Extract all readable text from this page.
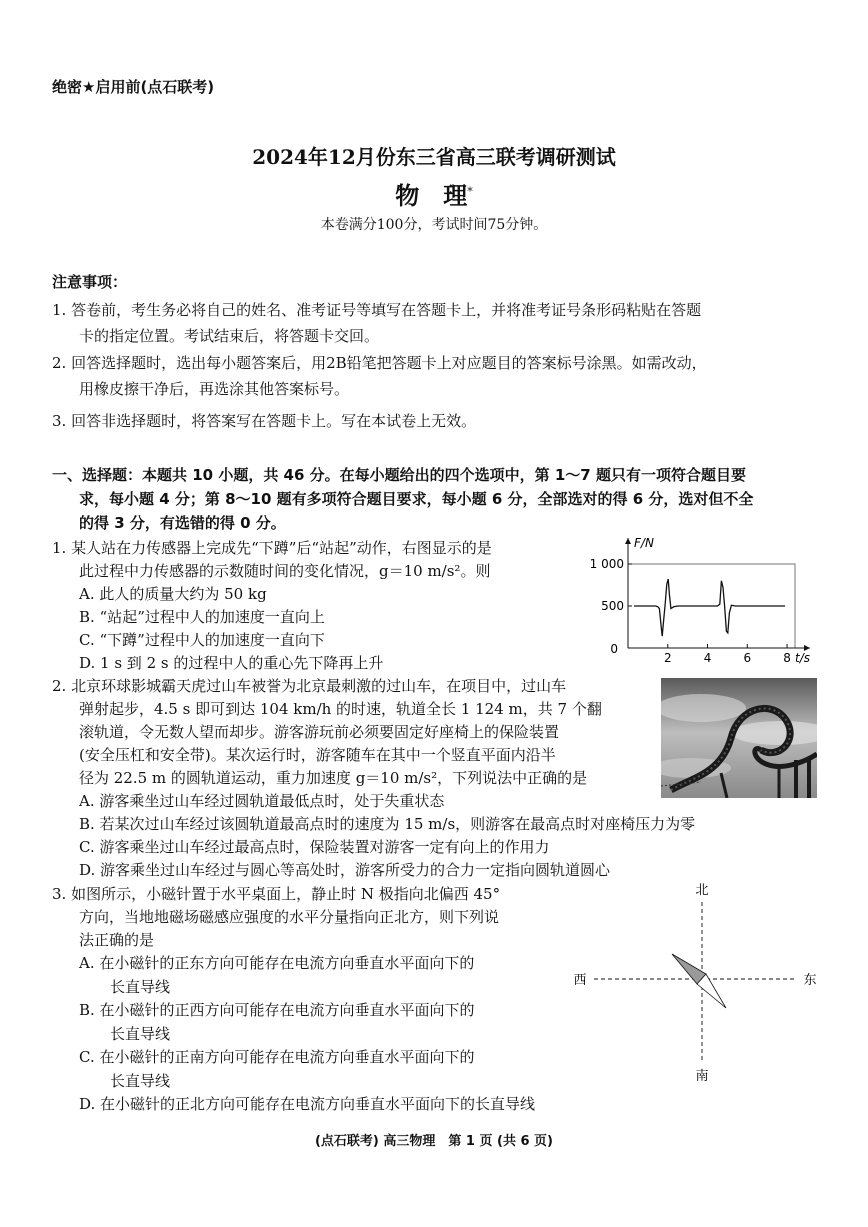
绝密★启用前(点石联考)
2024年12月份东三省高三联考调研测试
物　理*
本卷满分100分，考试时间75分钟。
注意事项：
1. 答卷前，考生务必将自己的姓名、准考证号等填写在答题卡上，并将准考证号条形码粘贴在答题
卡的指定位置。考试结束后，将答题卡交回。
2. 回答选择题时，选出每小题答案后，用2B铅笔把答题卡上对应题目的答案标号涂黑。如需改动，
用橡皮擦干净后，再选涂其他答案标号。
3. 回答非选择题时，将答案写在答题卡上。写在本试卷上无效。
一、选择题：本题共 10 小题，共 46 分。在每小题给出的四个选项中，第 1～7 题只有一项符合题目要
求，每小题 4 分；第 8～10 题有多项符合题目要求，每小题 6 分，全部选对的得 6 分，选对但不全
的得 3 分，有选错的得 0 分。
1. 某人站在力传感器上完成先“下蹲”后“站起”动作，右图显示的是
此过程中力传感器的示数随时间的变化情况，g＝10 m/s²。则
A. 此人的质量大约为 50 kg
B. “站起”过程中人的加速度一直向上
C. “下蹲”过程中人的加速度一直向下
D. 1 s 到 2 s 的过程中人的重心先下降再上升
F/N
t/s
0
2	4	6	8
500
1 000
2. 北京环球影城霸天虎过山车被誉为北京最刺激的过山车，在项目中，过山车
弹射起步，4.5 s 即可到达 104 km/h 的时速，轨道全长 1 124 m，共 7 个翻
滚轨道，令无数人望而却步。游客游玩前必须要固定好座椅上的保险装置
(安全压杠和安全带)。某次运行时，游客随车在其中一个竖直平面内沿半
径为 22.5 m 的圆轨道运动，重力加速度 g＝10 m/s²，下列说法中正确的是
A. 游客乘坐过山车经过圆轨道最低点时，处于失重状态
B. 若某次过山车经过该圆轨道最高点时的速度为 15 m/s，则游客在最高点时对座椅压力为零
C. 游客乘坐过山车经过最高点时，保险装置对游客一定有向上的作用力
D. 游客乘坐过山车经过与圆心等高处时，游客所受力的合力一定指向圆轨道圆心
3. 如图所示，小磁针置于水平桌面上，静止时 N 极指向北偏西 45°
方向，当地地磁场磁感应强度的水平分量指向正北方，则下列说
法正确的是
A. 在小磁针的正东方向可能存在电流方向垂直水平面向下的
长直导线
B. 在小磁针的正西方向可能存在电流方向垂直水平面向下的
长直导线
C. 在小磁针的正南方向可能存在电流方向垂直水平面向下的
长直导线
D. 在小磁针的正北方向可能存在电流方向垂直水平面向下的长直导线
北
南
西	东
(点石联考) 高三物理　第 1 页 (共 6 页)
